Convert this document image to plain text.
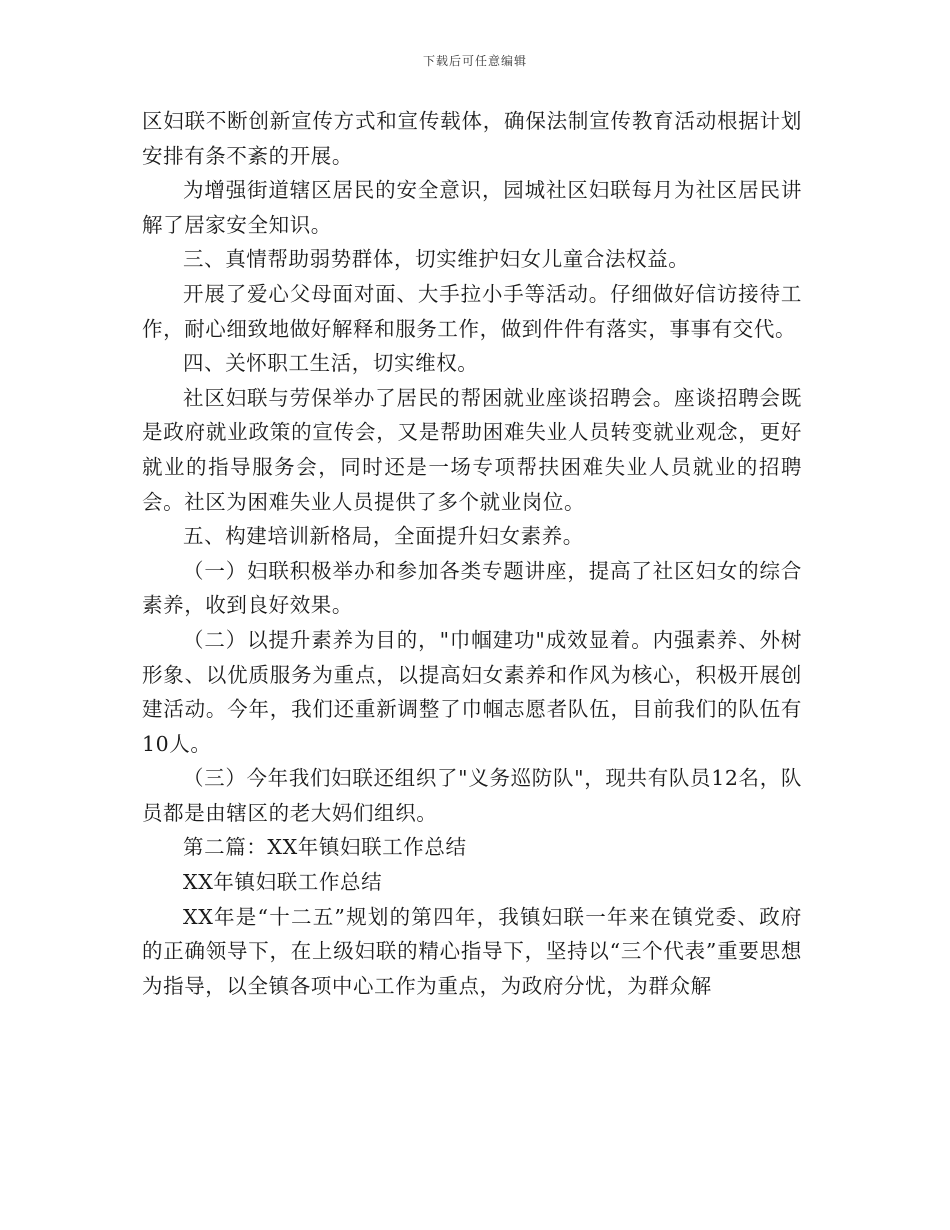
下载后可任意编辑

区妇联不断创新宣传方式和宣传载体，确保法制宣传教育活动根据计划安排有条不紊的开展。

为增强街道辖区居民的安全意识，园城社区妇联每月为社区居民讲解了居家安全知识。

三、真情帮助弱势群体，切实维护妇女儿童合法权益。

开展了爱心父母面对面、大手拉小手等活动。仔细做好信访接待工作，耐心细致地做好解释和服务工作，做到件件有落实，事事有交代。

四、关怀职工生活，切实维权。

社区妇联与劳保举办了居民的帮困就业座谈招聘会。座谈招聘会既是政府就业政策的宣传会，又是帮助困难失业人员转变就业观念，更好就业的指导服务会，同时还是一场专项帮扶困难失业人员就业的招聘会。社区为困难失业人员提供了多个就业岗位。

五、构建培训新格局，全面提升妇女素养。

（一）妇联积极举办和参加各类专题讲座，提高了社区妇女的综合素养，收到良好效果。

（二）以提升素养为目的，"巾帼建功"成效显着。内强素养、外树形象、以优质服务为重点，以提高妇女素养和作风为核心，积极开展创建活动。今年，我们还重新调整了巾帼志愿者队伍，目前我们的队伍有10人。

（三）今年我们妇联还组织了"义务巡防队"，现共有队员12名，队员都是由辖区的老大妈们组织。

第二篇：XX年镇妇联工作总结

XX年镇妇联工作总结

XX年是“十二五”规划的第四年，我镇妇联一年来在镇党委、政府的正确领导下，在上级妇联的精心指导下，坚持以“三个代表”重要思想为指导，以全镇各项中心工作为重点，为政府分忧，为群众解
